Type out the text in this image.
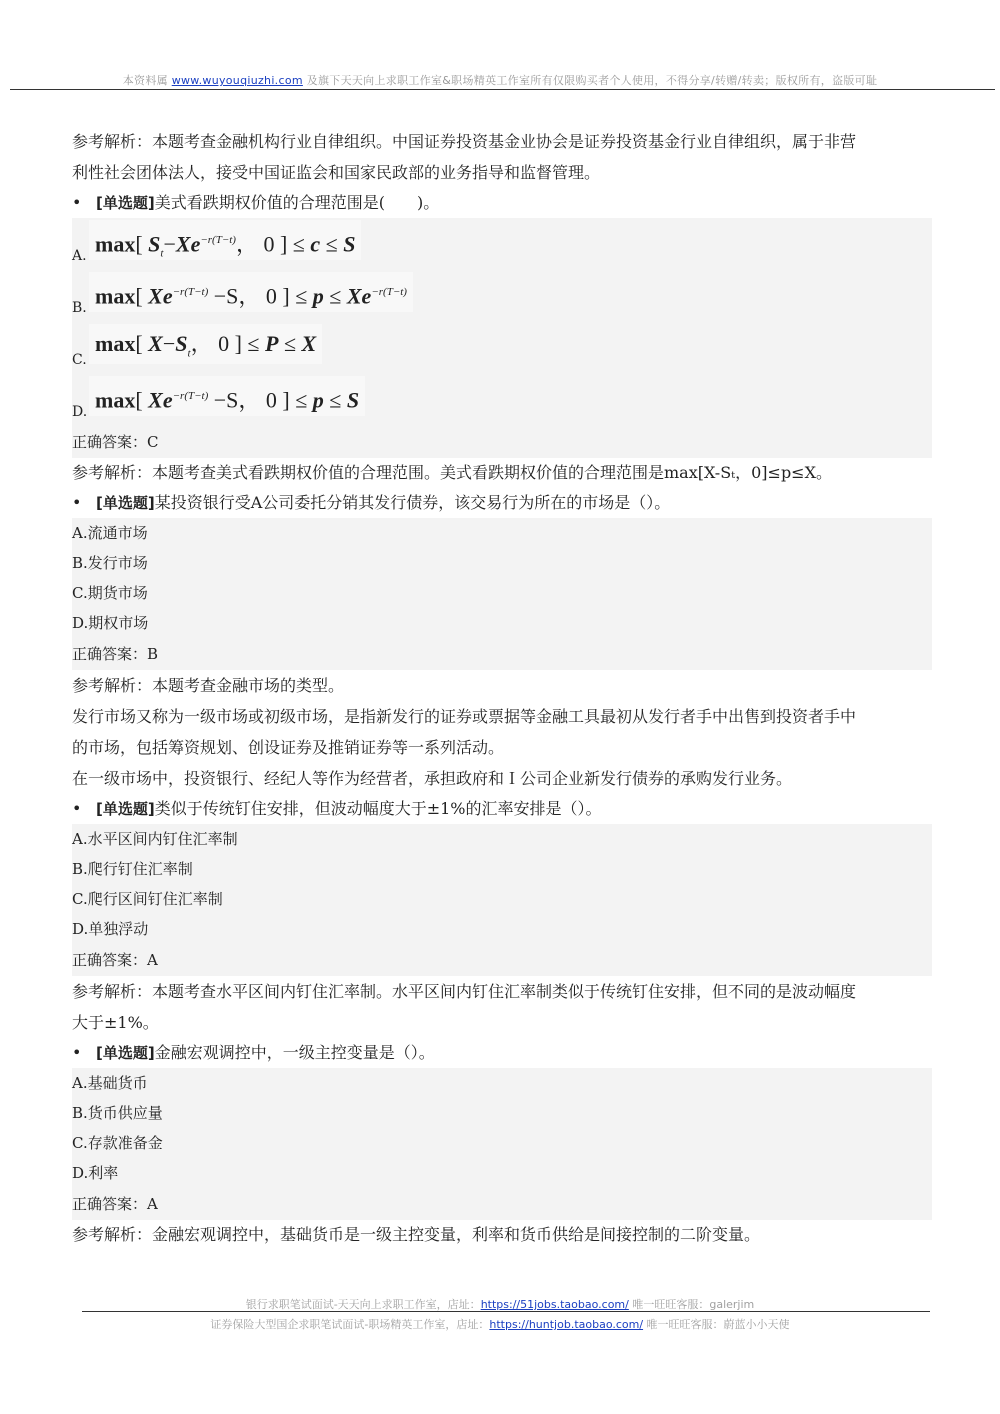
本资料属 www.wuyouqiuzhi.com 及旗下天天向上求职工作室&职场精英工作室所有仅限购买者个人使用，不得分享/转赠/转卖；版权所有，盗版可耻
参考解析：本题考查金融机构行业自律组织。中国证券投资基金业协会是证券投资基金行业自律组织，属于非营
利性社会团体法人，接受中国证监会和国家民政部的业务指导和监督管理。
• [单选题]美式看跌期权价值的合理范围是(　　)。
A. max[ $S_t-Xe^{-r(T-t)}$， 0 ] ≤ c ≤ S
B. max[ $Xe^{-r(T-t)} -S$， 0 ] ≤ $p \le Xe^{-r(T-t)}$
C.
max[ $X-S_t$， 0 ] ≤ P ≤ X
D. max[ $Xe^{-r(T-t)} -S$， 0 ] ≤ p ≤ S
正确答案：C
参考解析：本题考查美式看跌期权价值的合理范围。美式看跌期权价值的合理范围是max[X-Sₜ，0]≤p≤X。
• [单选题]某投资银行受A公司委托分销其发行债券，该交易行为所在的市场是（）。
A.流通市场
B.发行市场
C.期货市场
D.期权市场
正确答案：B
参考解析：本题考查金融市场的类型。
发行市场又称为一级市场或初级市场，是指新发行的证券或票据等金融工具最初从发行者手中出售到投资者手中
的市场，包括筹资规划、创设证券及推销证券等一系列活动。
在一级市场中，投资银行、经纪人等作为经营者，承担政府和Ｉ公司企业新发行债券的承购发行业务。
• [单选题]类似于传统钉住安排，但波动幅度大于±1%的汇率安排是（）。
A.水平区间内钉住汇率制
B.爬行钉住汇率制
C.爬行区间钉住汇率制
D.单独浮动
正确答案：A
参考解析：本题考查水平区间内钉住汇率制。水平区间内钉住汇率制类似于传统钉住安排，但不同的是波动幅度
大于±1%。
• [单选题]金融宏观调控中，一级主控变量是（）。
A.基础货币
B.货币供应量
C.存款准备金
D.利率
正确答案：A
参考解析：金融宏观调控中，基础货币是一级主控变量，利率和货币供给是间接控制的二阶变量。
银行求职笔试面试-天天向上求职工作室，店址：https://51jobs.taobao.com/ 唯一旺旺客服：galerjim
证券保险大型国企求职笔试面试-职场精英工作室，店址：https://huntjob.taobao.com/ 唯一旺旺客服：蔚蓝小小天使
